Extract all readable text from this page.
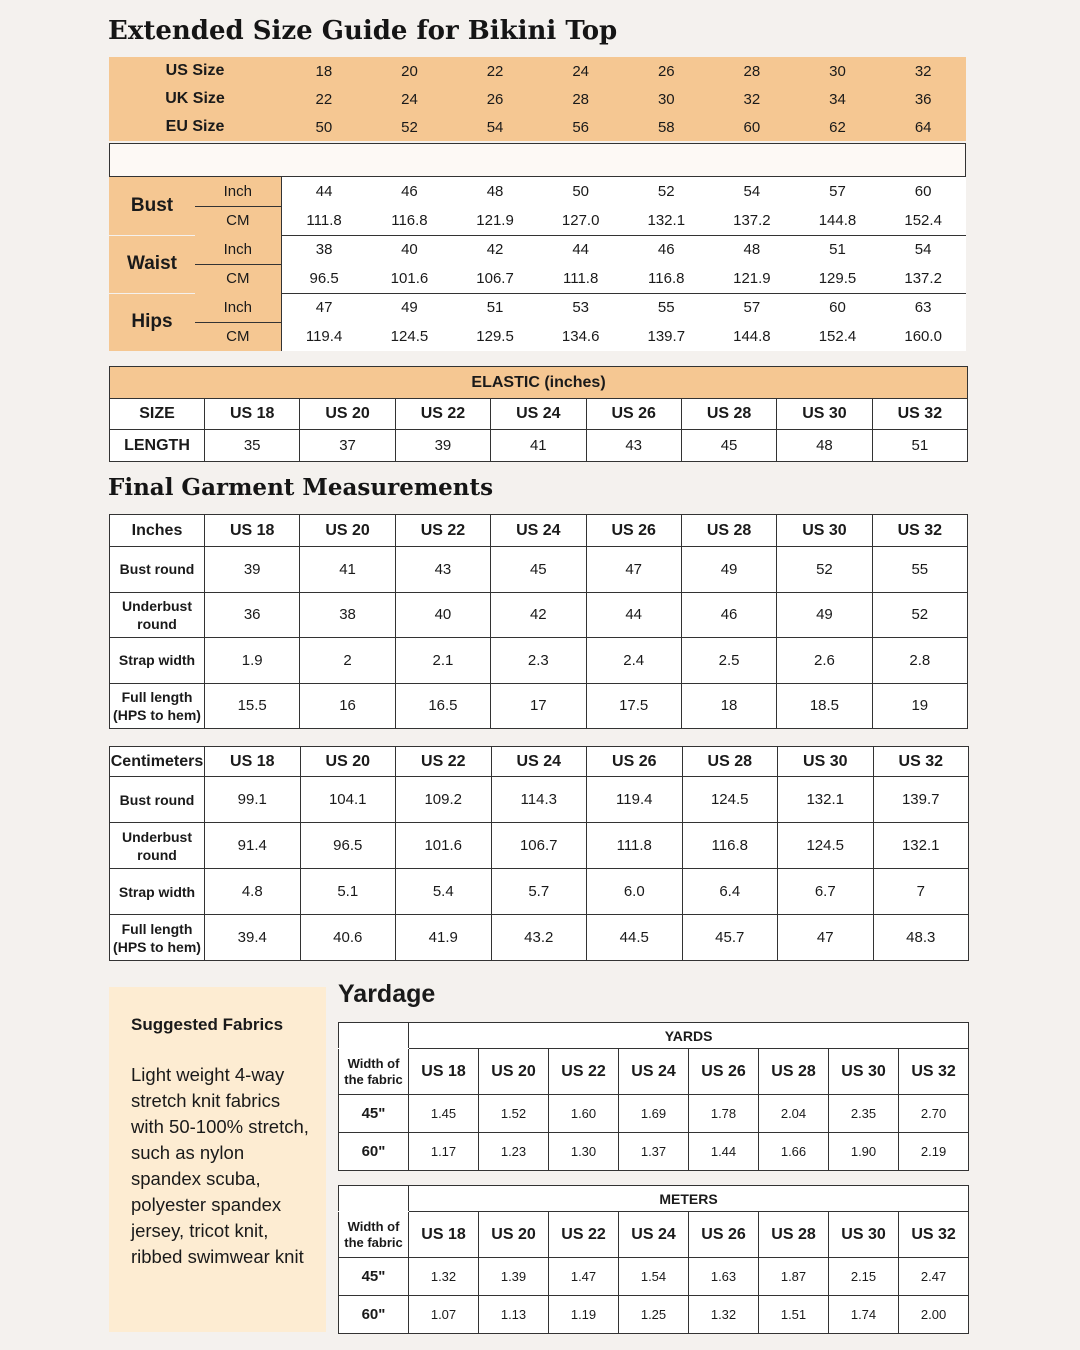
Extended Size Guide for Bikini Top
US Size	18	20	22	24	26	28	30	32
UK Size	22	24	26	28	30	32	34	36
EU Size	50	52	54	56	58	60	62	64
Bust	Inch	44	46	48	50	52	54	57	60
	CM	111.8	116.8	121.9	127.0	132.1	137.2	144.8	152.4
Waist	Inch	38	40	42	44	46	48	51	54
	CM	96.5	101.6	106.7	111.8	116.8	121.9	129.5	137.2
Hips	Inch	47	49	51	53	55	57	60	63
	CM	119.4	124.5	129.5	134.6	139.7	144.8	152.4	160.0
ELASTIC (inches)								
SIZE	US 18	US 20	US 22	US 24	US 26	US 28	US 30	US 32
LENGTH	35	37	39	41	43	45	48	51
Final Garment Measurements
Inches	US 18	US 20	US 22	US 24	US 26	US 28	US 30	US 32

Bust round	39	41	43	45	47	49	52	55

Underbust
round	36	38	40	42	44	46	49	52

Strap width	1.9	2	2.1	2.3	2.4	2.5	2.6	2.8

Full length
(HPS to hem)	15.5	16	16.5	17	17.5	18	18.5	19
Centimeters	US 18	US 20	US 22	US 24	US 26	US 28	US 30	US 32

Bust round	99.1	104.1	109.2	114.3	119.4	124.5	132.1	139.7

Underbust
round	91.4	96.5	101.6	106.7	111.8	116.8	124.5	132.1

Strap width	4.8	5.1	5.4	5.7	6.0	6.4	6.7	7

Full length
(HPS to hem)	39.4	40.6	41.9	43.2	44.5	45.7	47	48.3
Suggested Fabrics
Light weight 4-way stretch knit fabrics with 50-100% stretch, such as nylon spandex scuba, polyester spandex jersey, tricot knit, ribbed swimwear knit
Yardage
	YARDS							

Width of
the fabric	US 18	US 20	US 22	US 24	US 26	US 28	US 30	US 32
45"	1.45	1.52	1.60	1.69	1.78	2.04	2.35	2.70
60"	1.17	1.23	1.30	1.37	1.44	1.66	1.90	2.19
	METERS							

Width of
the fabric	US 18	US 20	US 22	US 24	US 26	US 28	US 30	US 32
45"	1.32	1.39	1.47	1.54	1.63	1.87	2.15	2.47
60"	1.07	1.13	1.19	1.25	1.32	1.51	1.74	2.00
